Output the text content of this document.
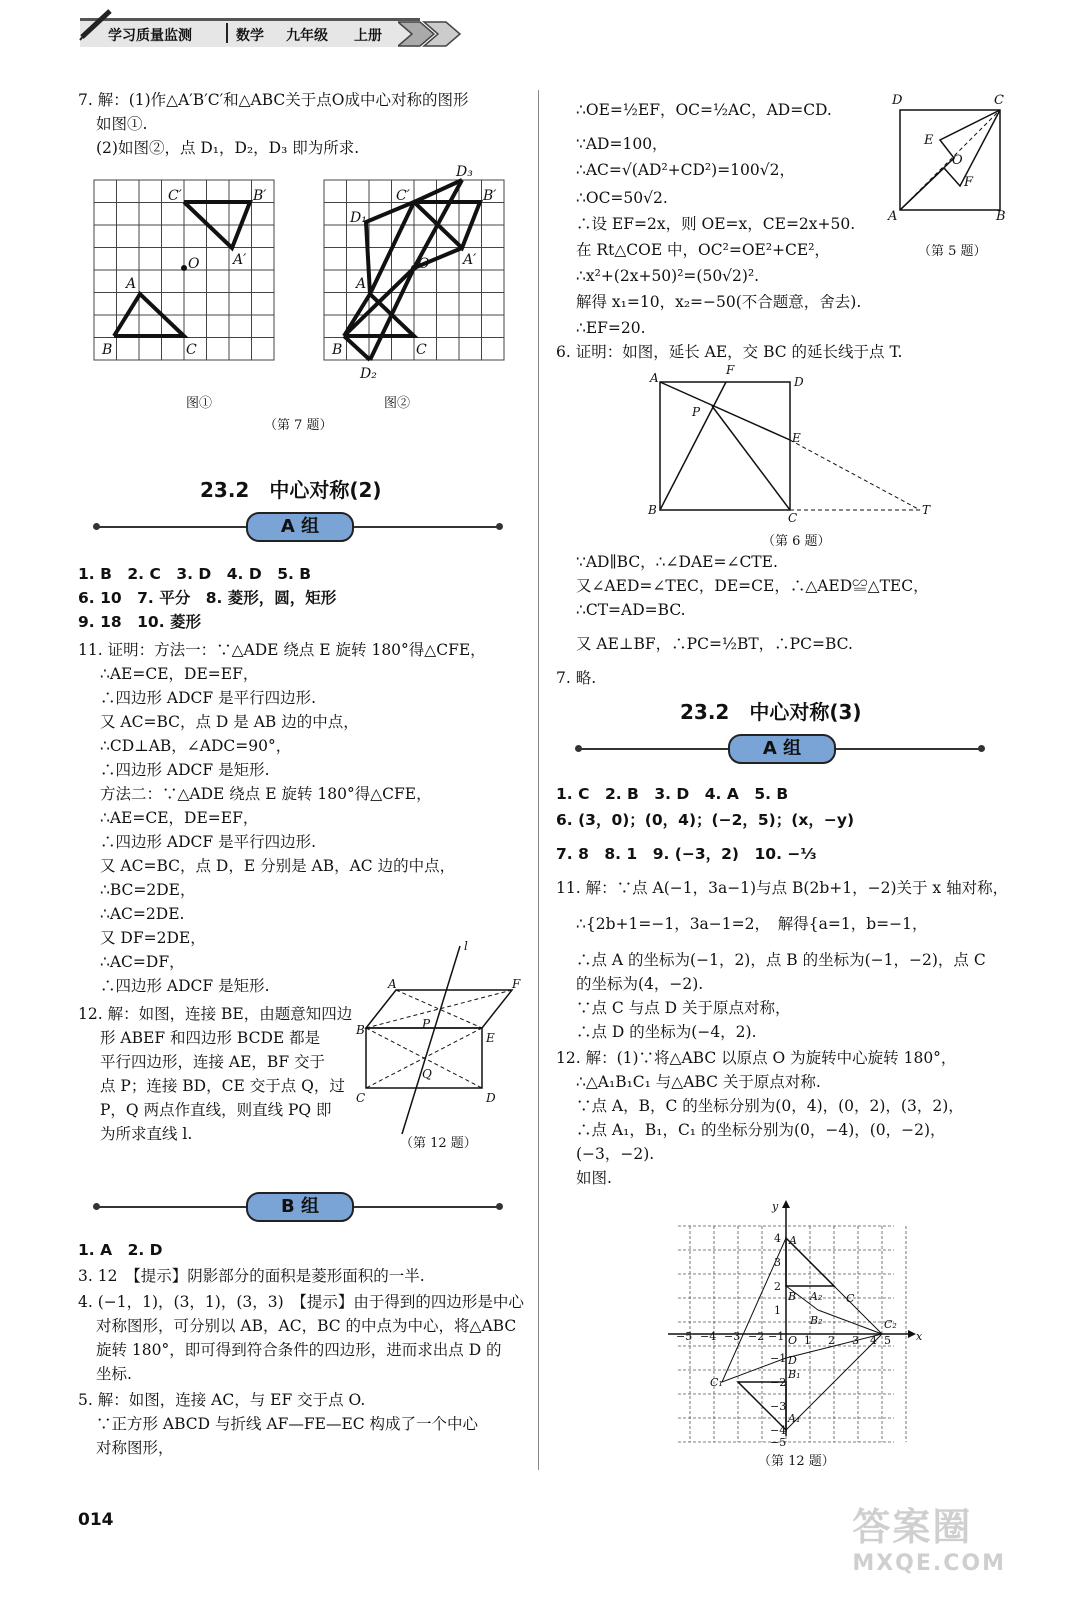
学习质量监测	数学 九年级 上册
7. 解：(1)作△A′B′C′和△ABC关于点O成中心对称的图形
如图①.
(2)如图②，点 D₁，D₂，D₃ 即为所求.
C′	B′
O A′
A
B	C
D₃
C′	B′
D₁
O A′
A
B	C
D₂
图①	图②
（第 7 题）
23.2　中心对称(2)
A 组
1. B　2. C　3. D　4. D　5. B
6. 10　7. 平分　8. 菱形，圆，矩形
9. 18　10. 菱形
11. 证明：方法一：∵△ADE 绕点 E 旋转 180°得△CFE，
∴AE=CE，DE=EF，
∴四边形 ADCF 是平行四边形.
又 AC=BC，点 D 是 AB 边的中点，
∴CD⊥AB，∠ADC=90°，
∴四边形 ADCF 是矩形.
方法二：∵△ADE 绕点 E 旋转 180°得△CFE，
∴AE=CE，DE=EF，
∴四边形 ADCF 是平行四边形.
又 AC=BC，点 D，E 分别是 AB，AC 边的中点，
∴BC=2DE，
∴AC=2DE.
又 DF=2DE，
∴AC=DF，
∴四边形 ADCF 是矩形.
12. 解：如图，连接 BE，由题意知四边
形 ABEF 和四边形 BCDE 都是
平行四边形，连接 AE，BF 交于
点 P；连接 BD，CE 交于点 Q，过
P，Q 两点作直线，则直线 PQ 即
为所求直线 l.
l
A	F
B	P
E
Q
C	D
（第 12 题）
B 组
1. A　2. D
3. 12　【提示】阴影部分的面积是菱形面积的一半.
4. (−1，1)，(3，1)，(3，3)　【提示】由于得到的四边形是中心
对称图形，可分别以 AB，AC，BC 的中点为中心，将△ABC
旋转 180°，即可得到符合条件的四边形，进而求出点 D 的
坐标.
5. 解：如图，连接 AC，与 EF 交于点 O.
∵正方形 ABCD 与折线 AF—FE—EC 构成了一个中心
对称图形，
014
∴OE=½EF，OC=½AC，AD=CD.
∵AD=100，
∴AC=√(AD²+CD²)=100√2，
∴OC=50√2.
∴设 EF=2x，则 OE=x，CE=2x+50.
在 Rt△COE 中，OC²=OE²+CE²，
∴x²+(2x+50)²=(50√2)².
解得 x₁=10，x₂=−50(不合题意，舍去).
∴EF=20.
D	C
E
O
F
A	B
（第 5 题）
6. 证明：如图，延长 AE，交 BC 的延长线于点 T.
A
F
D
P
E
B
C
T
（第 6 题）
∵AD∥BC，∴∠DAE=∠CTE.
又∠AED=∠TEC，DE=CE，∴△AED≌△TEC，
∴CT=AD=BC.
又 AE⊥BF，∴PC=½BT，∴PC=BC.
7. 略.
23.2　中心对称(3)
A 组
1. C　2. B　3. D　4. A　5. B
6. (3，0)；(0，4)；(−2，5)；(x，−y)
7. 8　8. 1　9. (−3，2)　10. −⅓
11. 解：∵点 A(−1，3a−1)与点 B(2b+1，−2)关于 x 轴对称，
∴{2b+1=−1，3a−1=2，　解得{a=1，b=−1，
∴点 A 的坐标为(−1，2)，点 B 的坐标为(−1，−2)，点 C
的坐标为(4，−2).
∵点 C 与点 D 关于原点对称，
∴点 D 的坐标为(−4，2).
12. 解：(1)∵将△ABC 以原点 O 为旋转中心旋转 180°，
∴△A₁B₁C₁ 与△ABC 关于原点对称.
∵点 A，B，C 的坐标分别为(0，4)，(0，2)，(3，2)，
∴点 A₁，B₁，C₁ 的坐标分别为(0，−4)，(0，−2)，
(−3，−2).
如图.
x
y
−5 −4 −3 −2 −1 O 1 2 3 4 5
4
3
2
1
−1
−2
−3
−4
−5
A
B A₂ C
B₂	C₂
D
B₁
C₁
A₁
（第 12 题）
答案圈
MXQE.COM
